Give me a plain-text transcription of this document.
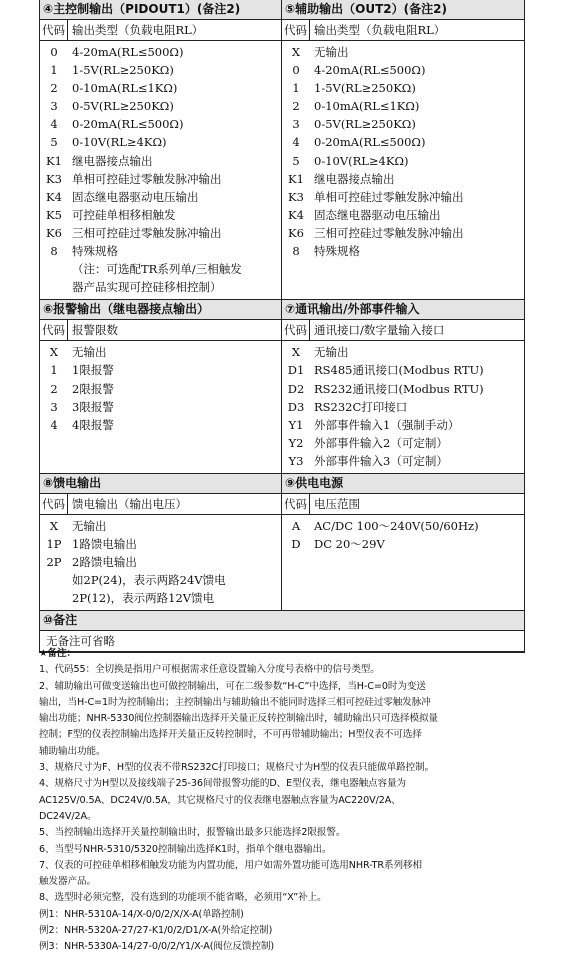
④主控制输出（PIDOUT1）(备注2)
代码 输出类型（负载电阻RL）
0	4-20mA(RL≤500Ω)
1	1-5V(RL≥250KΩ)
2	0-10mA(RL≤1KΩ)
3	0-5V(RL≥250KΩ)
4	0-20mA(RL≤500Ω)
5	0-10V(RL≥4KΩ)
K1 继电器接点输出
K3 单相可控硅过零触发脉冲输出
K4 固态继电器驱动电压输出
K5 可控硅单相移相触发
K6 三相可控硅过零触发脉冲输出
8	特殊规格
（注：可选配TR系列单/三相触发
器产品实现可控硅移相控制）
⑤辅助输出（OUT2）(备注2)
代码 输出类型（负载电阻RL）
X	无输出
0	4-20mA(RL≤500Ω)
1	1-5V(RL≥250KΩ)
2	0-10mA(RL≤1KΩ)
3	0-5V(RL≥250KΩ)
4	0-20mA(RL≤500Ω)
5	0-10V(RL≥4KΩ)
K1 继电器接点输出
K3 单相可控硅过零触发脉冲输出
K4 固态继电器驱动电压输出
K6 三相可控硅过零触发脉冲输出
8	特殊规格
⑥报警输出（继电器接点输出）
代码 报警限数
X	无输出
1	1限报警
2	2限报警
3	3限报警
4	4限报警
⑦通讯输出/外部事件输入
代码 通讯接口/数字量输入接口
X	无输出
D1 RS485通讯接口(Modbus RTU)
D2 RS232通讯接口(Modbus RTU)
D3 RS232C打印接口
Y1 外部事件输入1（强制手动）
Y2 外部事件输入2（可定制）
Y3 外部事件输入3（可定制）
⑧馈电输出
代码 馈电输出（输出电压）
X	无输出
1P 1路馈电输出
2P 2路馈电输出
如2P(24)，表示两路24V馈电
2P(12)，表示两路12V馈电
⑨供电电源
代码 电压范围
A	AC/DC 100～240V(50/60Hz)
D	DC 20～29V
⑩备注
无备注可省略

★备注：

1、代码55：全切换是指用户可根据需求任意设置输入分度号表格中的信号类型。

2、辅助输出可做变送输出也可做控制输出，可在二级参数“H-C”中选择，当H-C=0时为变送

输出，当H-C=1时为控制输出；主控制输出与辅助输出不能同时选择三相可控硅过零触发脉冲

输出功能；NHR-5330阀位控制器输出选择开关量正反转控制输出时，辅助输出只可选择模拟量

控制；F型的仪表控制输出选择开关量正反转控制时，不可再带辅助输出；H型仪表不可选择

辅助输出功能。

3、规格尺寸为F、H型的仪表不带RS232C打印接口；规格尺寸为H型的仪表只能做单路控制。

4、规格尺寸为H型以及接线端子25-36间带报警功能的D、E型仪表，继电器触点容量为

AC125V/0.5A、DC24V/0.5A，其它规格尺寸的仪表继电器触点容量为AC220V/2A、

DC24V/2A。

5、当控制输出选择开关量控制输出时，报警输出最多只能选择2限报警。

6、当型号NHR-5310/5320控制输出选择K1时，指单个继电器输出。

7、仪表的可控硅单相移相触发功能为内置功能，用户如需外置功能可选用NHR-TR系列移相

触发器产品。

8、选型时必须完整，没有选到的功能项不能省略，必须用“X”补上。

例1：NHR-5310A-14/X-0/0/2/X/X-A(单路控制)

例2：NHR-5320A-27/27-K1/0/2/D1/X-A(外给定控制)

例3：NHR-5330A-14/27-0/0/2/Y1/X-A(阀位反馈控制)
